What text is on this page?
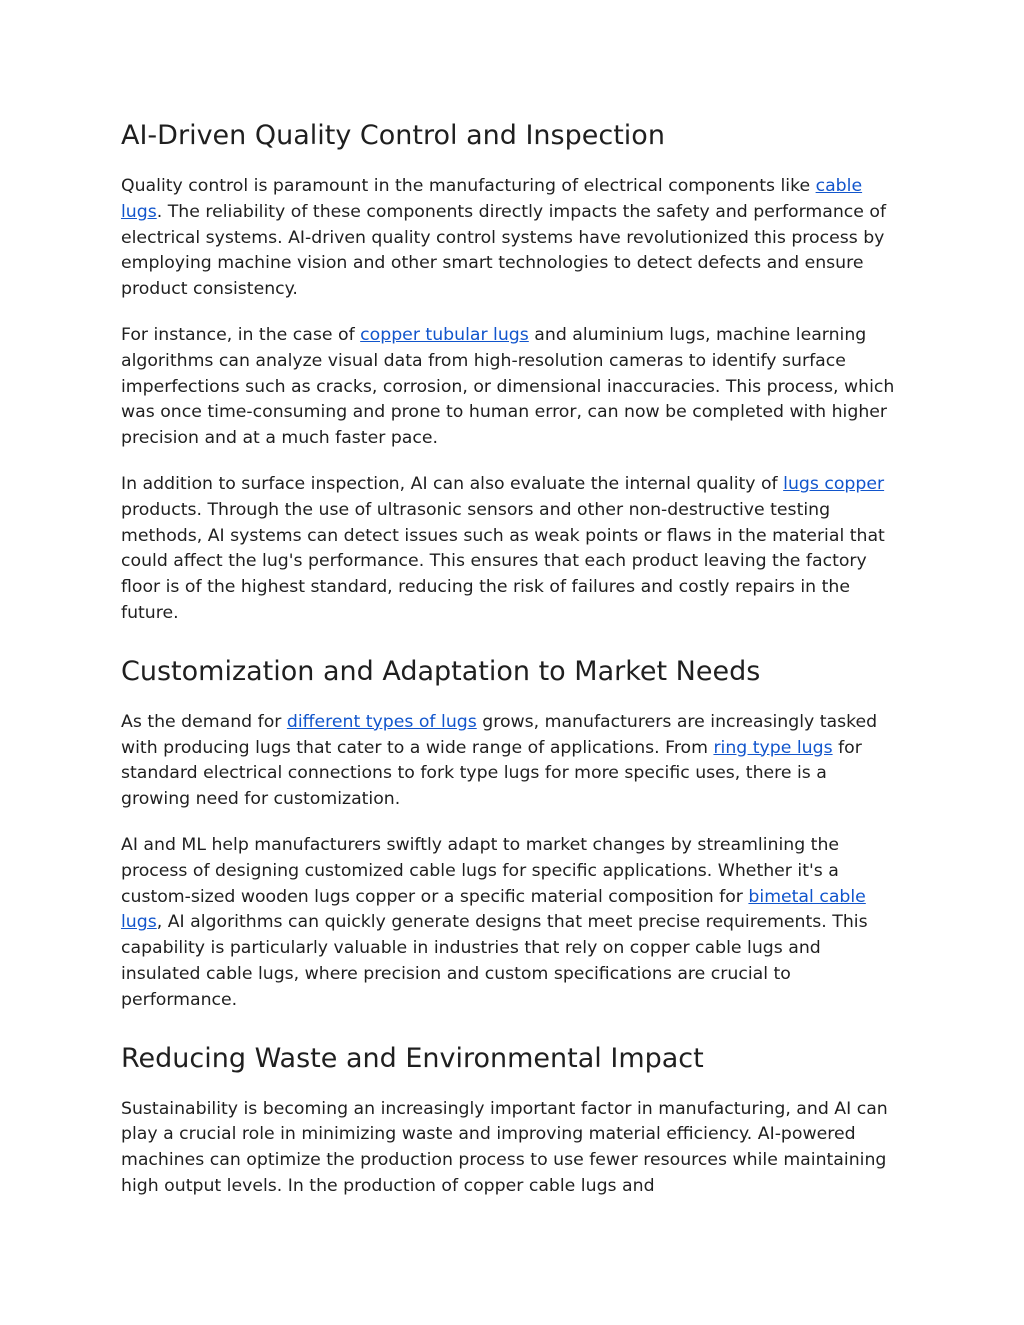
AI-Driven Quality Control and Inspection

Quality control is paramount in the manufacturing of electrical components like cable lugs. The reliability of these components directly impacts the safety and performance of electrical systems. AI-driven quality control systems have revolutionized this process by employing machine vision and other smart technologies to detect defects and ensure product consistency.

For instance, in the case of copper tubular lugs and aluminium lugs, machine learning algorithms can analyze visual data from high-resolution cameras to identify surface imperfections such as cracks, corrosion, or dimensional inaccuracies. This process, which was once time-consuming and prone to human error, can now be completed with higher precision and at a much faster pace.

In addition to surface inspection, AI can also evaluate the internal quality of lugs copper products. Through the use of ultrasonic sensors and other non-destructive testing methods, AI systems can detect issues such as weak points or flaws in the material that could affect the lug's performance. This ensures that each product leaving the factory floor is of the highest standard, reducing the risk of failures and costly repairs in the future.

Customization and Adaptation to Market Needs

As the demand for different types of lugs grows, manufacturers are increasingly tasked with producing lugs that cater to a wide range of applications. From ring type lugs for standard electrical connections to fork type lugs for more specific uses, there is a growing need for customization.

AI and ML help manufacturers swiftly adapt to market changes by streamlining the process of designing customized cable lugs for specific applications. Whether it's a custom-sized wooden lugs copper or a specific material composition for bimetal cable lugs, AI algorithms can quickly generate designs that meet precise requirements. This capability is particularly valuable in industries that rely on copper cable lugs and insulated cable lugs, where precision and custom specifications are crucial to performance.

Reducing Waste and Environmental Impact

Sustainability is becoming an increasingly important factor in manufacturing, and AI can play a crucial role in minimizing waste and improving material efficiency. AI-powered machines can optimize the production process to use fewer resources while maintaining high output levels. In the production of copper cable lugs and
